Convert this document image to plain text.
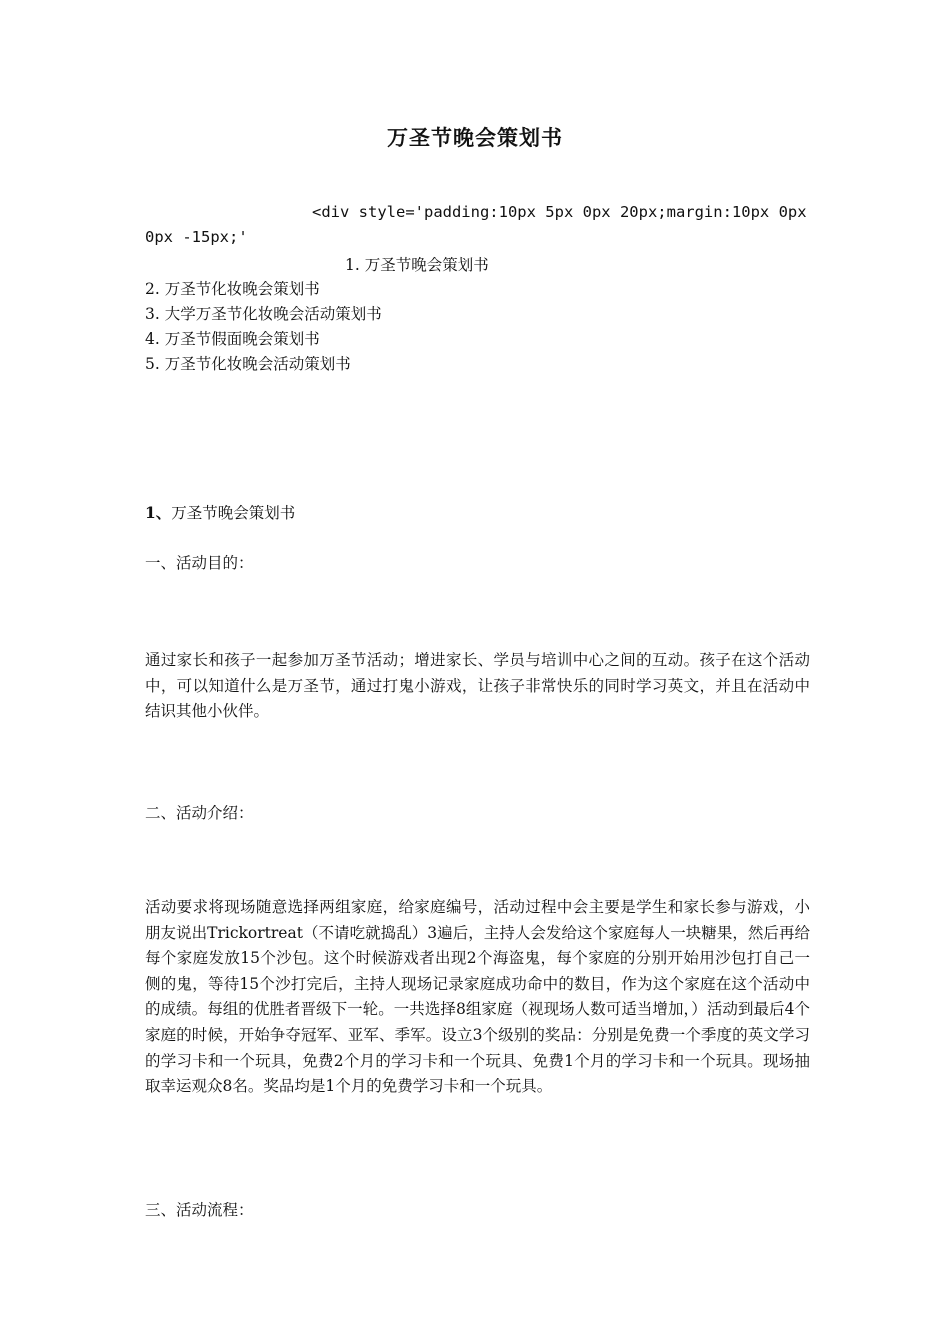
万圣节晚会策划书
<div style='padding:10px 5px 0px 20px;margin:10px 0px
0px -15px;'
1. 万圣节晚会策划书
2. 万圣节化妆晚会策划书
3. 大学万圣节化妆晚会活动策划书
4. 万圣节假面晚会策划书
5. 万圣节化妆晚会活动策划书
1、万圣节晚会策划书
一、活动目的：
通过家长和孩子一起参加万圣节活动；增进家长、学员与培训中心之间的互动。孩子在这个活动中，可以知道什么是万圣节，通过打鬼小游戏，让孩子非常快乐的同时学习英文，并且在活动中结识其他小伙伴。
二、活动介绍：
活动要求将现场随意选择两组家庭，给家庭编号，活动过程中会主要是学生和家长参与游戏，小朋友说出Trickortreat（不请吃就捣乱）3遍后，主持人会发给这个家庭每人一块糖果，然后再给每个家庭发放15个沙包。这个时候游戏者出现2个海盗鬼，每个家庭的分别开始用沙包打自己一侧的鬼，等待15个沙打完后，主持人现场记录家庭成功命中的数目，作为这个家庭在这个活动中的成绩。每组的优胜者晋级下一轮。一共选择8组家庭（视现场人数可适当增加，）活动到最后4个家庭的时候，开始争夺冠军、亚军、季军。设立3个级别的奖品：分别是免费一个季度的英文学习的学习卡和一个玩具，免费2个月的学习卡和一个玩具、免费1个月的学习卡和一个玩具。现场抽取幸运观众8名。奖品均是1个月的免费学习卡和一个玩具。
三、活动流程：
